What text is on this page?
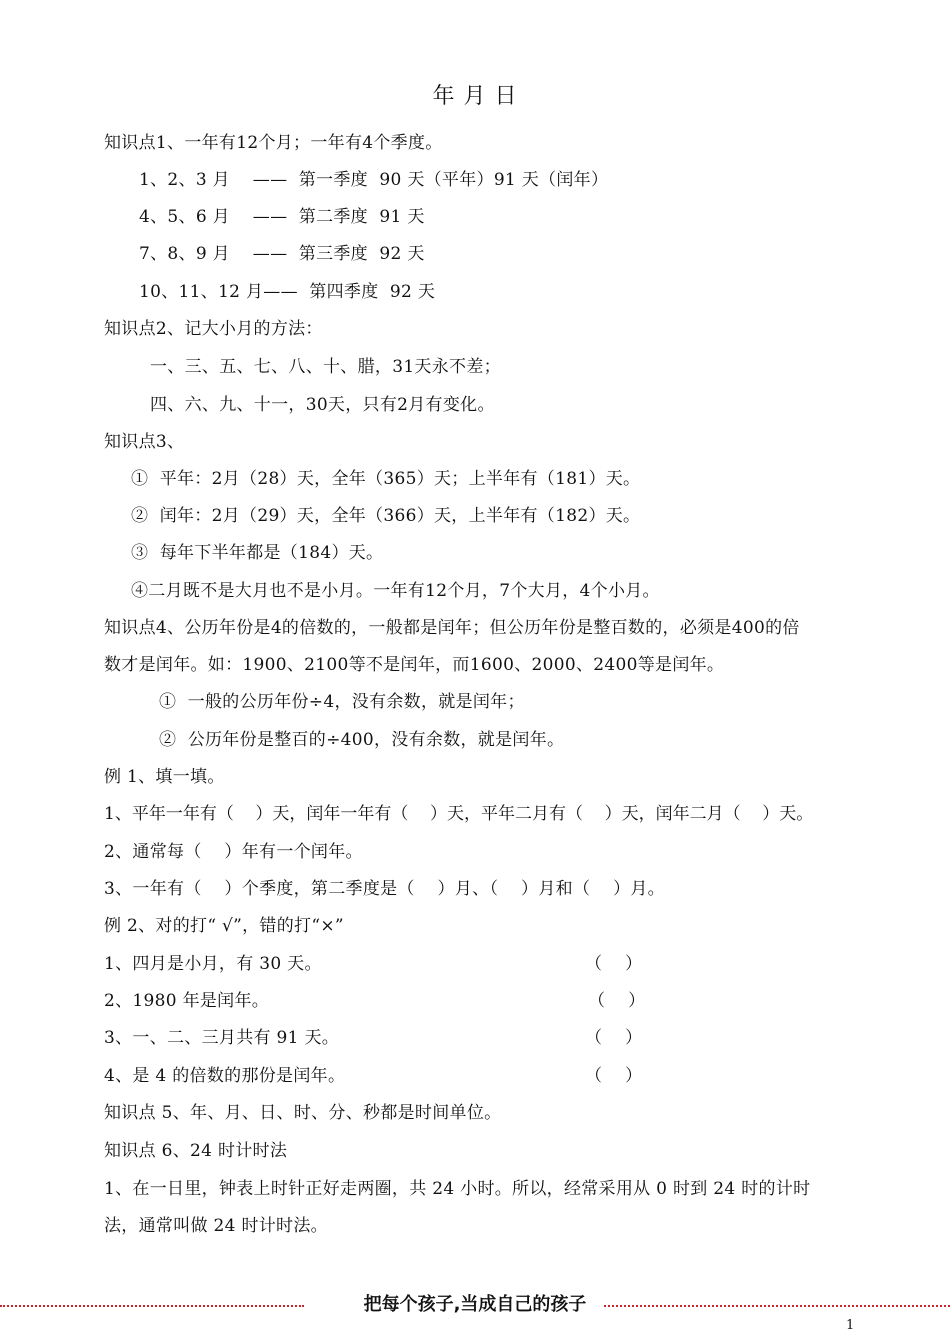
年 月 日
知识点1、一年有12个月；一年有4个季度。
1、2、3 月    ——  第一季度  90 天（平年）91 天（闰年）
4、5、6 月    ——  第二季度  91 天
7、8、9 月    ——  第三季度  92 天
10、11、12 月——  第四季度  92 天
知识点2、记大小月的方法：
一、三、五、七、八、十、腊，31天永不差；
四、六、九、十一，30天，只有2月有变化。
知识点3、
①  平年：2月（28）天，全年（365）天；上半年有（181）天。
②  闰年：2月（29）天，全年（366）天，上半年有（182）天。
③  每年下半年都是（184）天。
④二月既不是大月也不是小月。一年有12个月，7个大月，4个小月。
知识点4、公历年份是4的倍数的，一般都是闰年；但公历年份是整百数的，必须是400的倍
数才是闰年。如：1900、2100等不是闰年，而1600、2000、2400等是闰年。
①  一般的公历年份÷4，没有余数，就是闰年；
②  公历年份是整百的÷400，没有余数，就是闰年。
例 1、填一填。
1、平年一年有（    ）天，闰年一年有（    ）天，平年二月有（    ）天，闰年二月（    ）天。
2、通常每（    ）年有一个闰年。
3、一年有（    ）个季度，第二季度是（    ）月、（    ）月和（    ）月。
例 2、对的打“ √”，错的打“×”
1、四月是小月，有 30 天。	（    ）
2、1980 年是闰年。	（    ）
3、一、二、三月共有 91 天。	（    ）
4、是 4 的倍数的那份是闰年。	（    ）
知识点 5、年、月、日、时、分、秒都是时间单位。
知识点 6、24 时计时法
1、在一日里，钟表上时针正好走两圈，共 24 小时。所以，经常采用从 0 时到 24 时的计时
法，通常叫做 24 时计时法。
把每个孩子,当成自己的孩子
1
